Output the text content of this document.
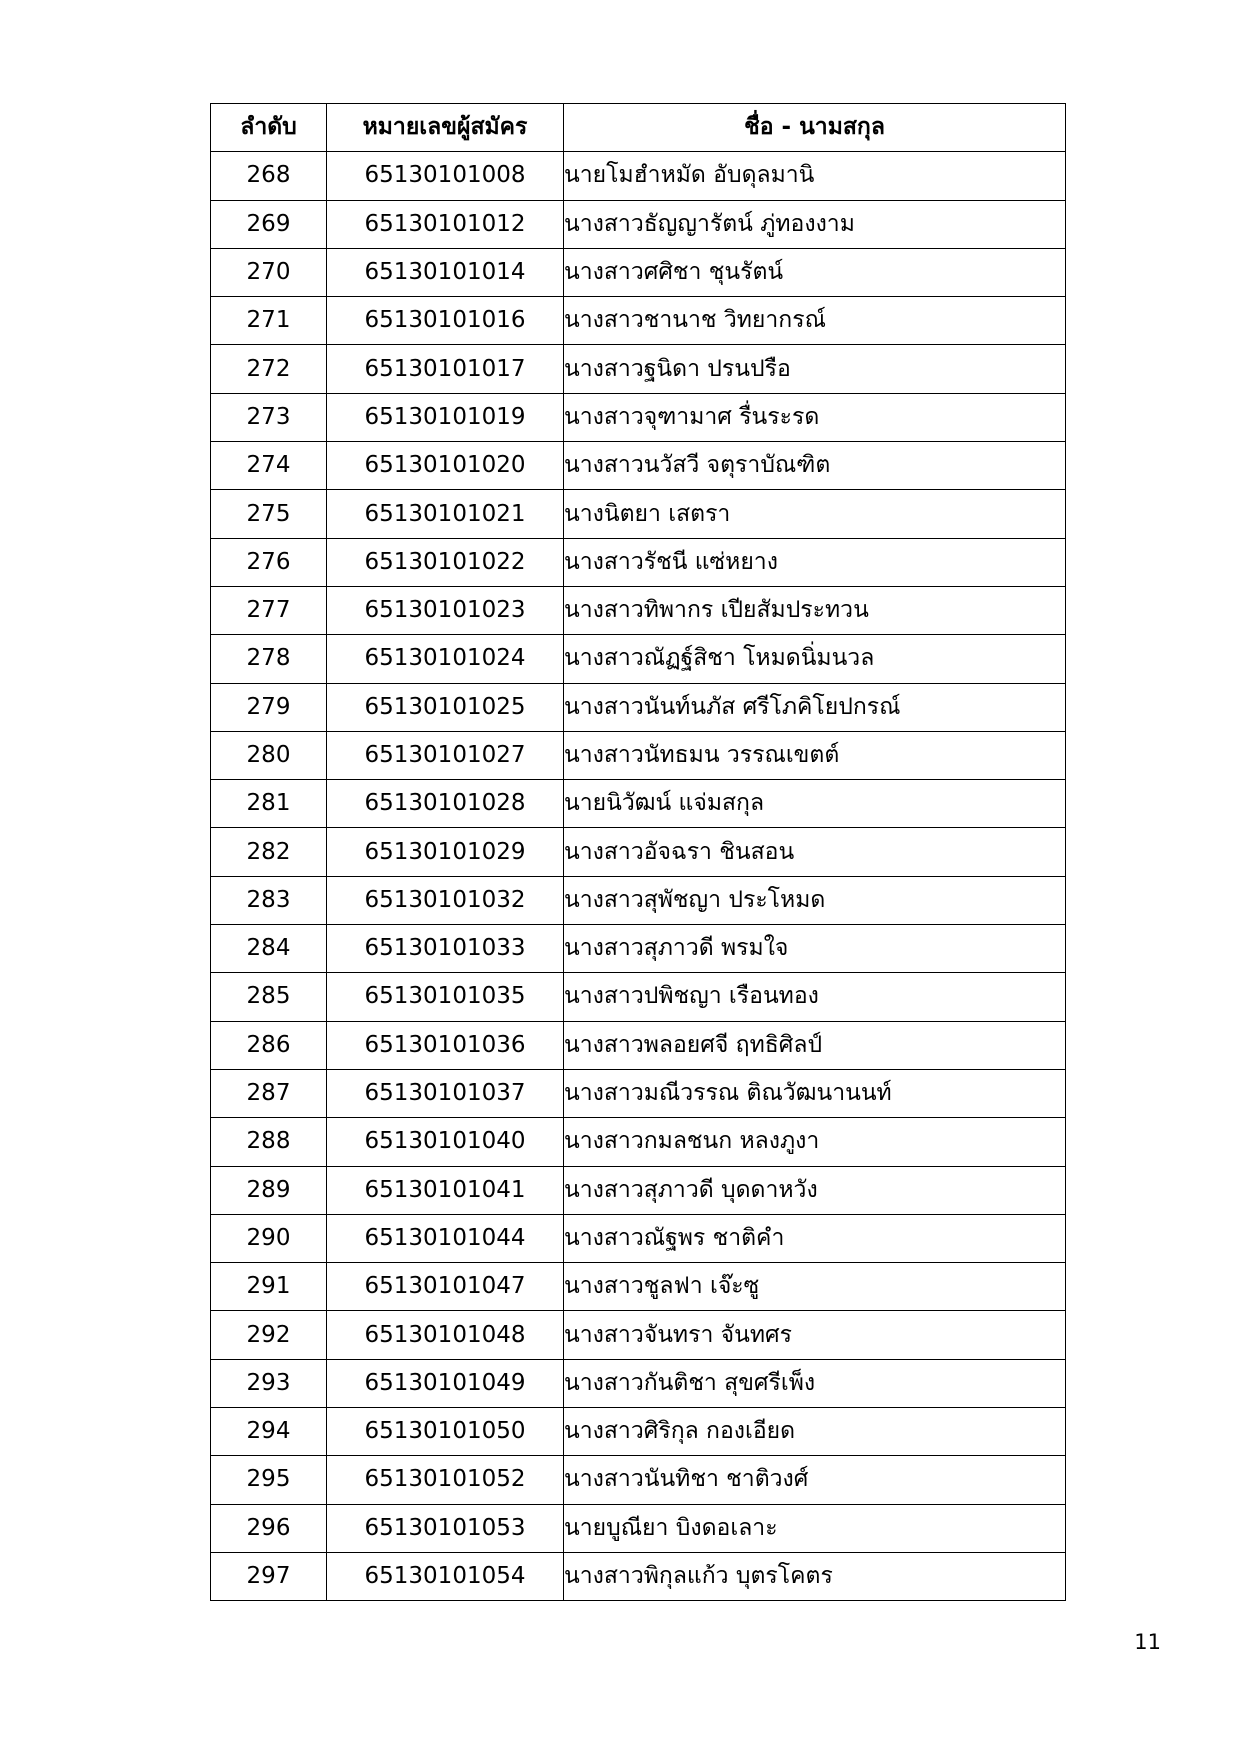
ลำดับ	หมายเลขผู้สมัคร	ชื่อ - นามสกุล
268	65130101008	นายโมฮำหมัด อับดุลมานิ
269	65130101012	นางสาวธัญญารัตน์ ภู่ทองงาม
270	65130101014	นางสาวศศิชา ชุนรัตน์
271	65130101016	นางสาวชานาช วิทยากรณ์
272	65130101017	นางสาวฐนิดา ปรนปรือ
273	65130101019	นางสาวจุฑามาศ รื่นระรด
274	65130101020	นางสาวนวัสวี จตุราบัณฑิต
275	65130101021	นางนิตยา เสตรา
276	65130101022	นางสาวรัชนี แซ่หยาง
277	65130101023	นางสาวทิพากร เปียสัมประทวน
278	65130101024	นางสาวณัฏฐ์สิชา โหมดนิ่มนวล
279	65130101025	นางสาวนันท์นภัส ศรีโภคิโยปกรณ์
280	65130101027	นางสาวนัทธมน วรรณเขตต์
281	65130101028	นายนิวัฒน์ แจ่มสกุล
282	65130101029	นางสาวอัจฉรา ชินสอน
283	65130101032	นางสาวสุพัชญา ประโหมด
284	65130101033	นางสาวสุภาวดี พรมใจ
285	65130101035	นางสาวปพิชญา เรือนทอง
286	65130101036	นางสาวพลอยศจี ฤทธิศิลป์
287	65130101037	นางสาวมณีวรรณ ติณวัฒนานนท์
288	65130101040	นางสาวกมลชนก หลงภูงา
289	65130101041	นางสาวสุภาวดี บุดดาหวัง
290	65130101044	นางสาวณัฐพร ชาติคำ
291	65130101047	นางสาวชูลฟา เจ๊ะซู
292	65130101048	นางสาวจันทรา จันทศร
293	65130101049	นางสาวกันติชา สุขศรีเพ็ง
294	65130101050	นางสาวศิริกุล กองเอียด
295	65130101052	นางสาวนันทิชา ชาติวงศ์
296	65130101053	นายบูณียา บิงดอเลาะ
297	65130101054	นางสาวพิกุลแก้ว บุตรโคตร
11
